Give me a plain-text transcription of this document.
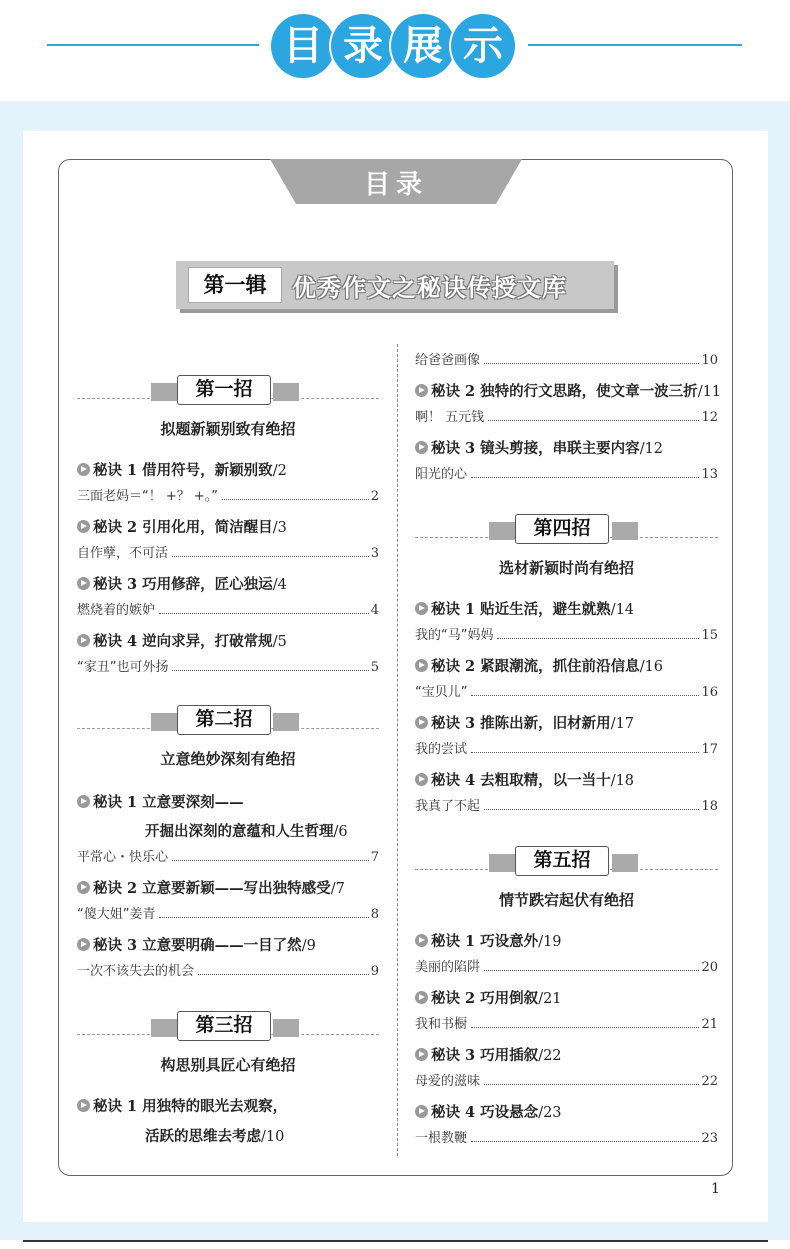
目 录 展 示
目录
第一辑	优秀作文之秘诀传授文库
第一招
拟题新颖别致有绝招
秘诀 1 借用符号，新颖别致/2
三面老妈＝“！ +？ +。”	2
秘诀 2 引用化用，简洁醒目/3
自作孽，不可活	3
秘诀 3 巧用修辞，匠心独运/4
燃烧着的嫉妒	4
秘诀 4 逆向求异，打破常规/5
“家丑”也可外扬	5
第二招
立意绝妙深刻有绝招
秘诀 1 立意要深刻——
开掘出深刻的意蕴和人生哲理/6
平常心・快乐心	7
秘诀 2 立意要新颖——写出独特感受/7
“傻大姐”姜青	8
秘诀 3 立意要明确——一目了然/9
一次不该失去的机会	9
第三招
构思别具匠心有绝招
秘诀 1 用独特的眼光去观察，
活跃的思维去考虑/10
给爸爸画像	10
秘诀 2 独特的行文思路，使文章一波三折/11
啊！ 五元钱	12
秘诀 3 镜头剪接，串联主要内容/12
阳光的心	13
第四招
选材新颖时尚有绝招
秘诀 1 贴近生活，避生就熟/14
我的“马”妈妈	15
秘诀 2 紧跟潮流，抓住前沿信息/16
“宝贝儿”	16
秘诀 3 推陈出新，旧材新用/17
我的尝试	17
秘诀 4 去粗取精，以一当十/18
我真了不起	18
第五招
情节跌宕起伏有绝招
秘诀 1 巧设意外/19
美丽的陷阱	20
秘诀 2 巧用倒叙/21
我和书橱	21
秘诀 3 巧用插叙/22
母爱的滋味	22
秘诀 4 巧设悬念/23
一根教鞭	23
1
